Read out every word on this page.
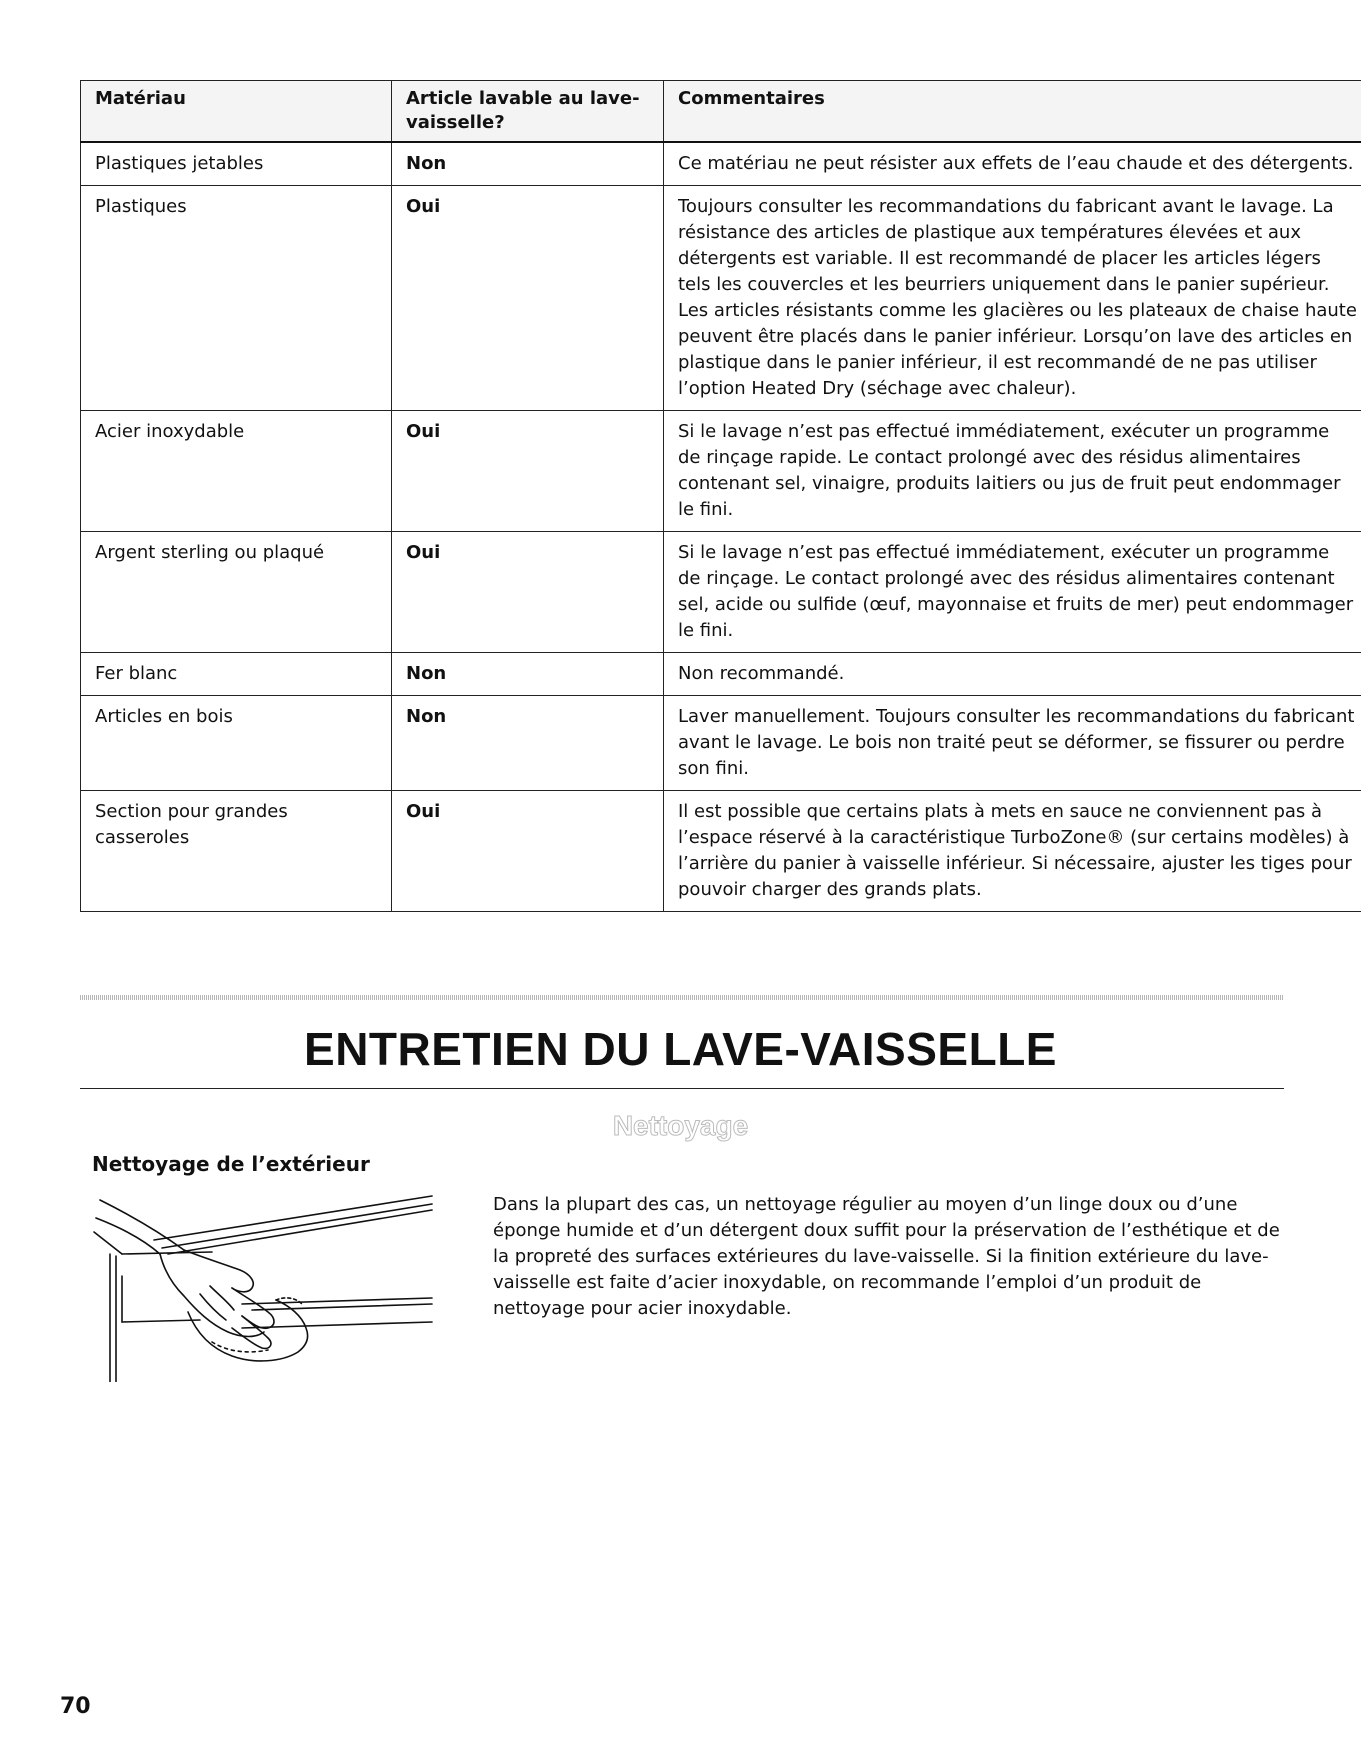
Matériau	Article lavable au lave-vaisselle?	Commentaires
Plastiques jetables	Non	Ce matériau ne peut résister aux effets de l’eau chaude et des détergents.
Plastiques	Oui	Toujours consulter les recommandations du fabricant avant le lavage. La résistance des articles de plastique aux températures élevées et aux détergents est variable. Il est recommandé de placer les articles légers tels les couvercles et les beurriers uniquement dans le panier supérieur. Les articles résistants comme les glacières ou les plateaux de chaise haute peuvent être placés dans le panier inférieur. Lorsqu’on lave des articles en plastique dans le panier inférieur, il est recommandé de ne pas utiliser l’option Heated Dry (séchage avec chaleur).
Acier inoxydable	Oui	Si le lavage n’est pas effectué immédiatement, exécuter un programme de rinçage rapide. Le contact prolongé avec des résidus alimentaires contenant sel, vinaigre, produits laitiers ou jus de fruit peut endommager le fini.
Argent sterling ou plaqué	Oui	Si le lavage n’est pas effectué immédiatement, exécuter un programme de rinçage. Le contact prolongé avec des résidus alimentaires contenant sel, acide ou sulfide (œuf, mayonnaise et fruits de mer) peut endommager le fini.
Fer blanc	Non	Non recommandé.
Articles en bois	Non	Laver manuellement. Toujours consulter les recommandations du fabricant avant le lavage. Le bois non traité peut se déformer, se fissurer ou perdre son fini.
Section pour grandes casseroles	Oui	Il est possible que certains plats à mets en sauce ne conviennent pas à l’espace réservé à la caractéristique TurboZone® (sur certains modèles) à l’arrière du panier à vaisselle inférieur. Si nécessaire, ajuster les tiges pour pouvoir charger des grands plats.
ENTRETIEN DU LAVE-VAISSELLE
Nettoyage
Nettoyage de l’extérieur

Dans la plupart des cas, un nettoyage régulier au moyen d’un linge doux ou d’une éponge humide et d’un détergent doux suffit pour la préservation de l’esthétique et de la propreté des surfaces extérieures du lave-vaisselle. Si la finition extérieure du lave-vaisselle est faite d’acier inoxydable, on recommande l’emploi d’un produit de nettoyage pour acier inoxydable.

70
